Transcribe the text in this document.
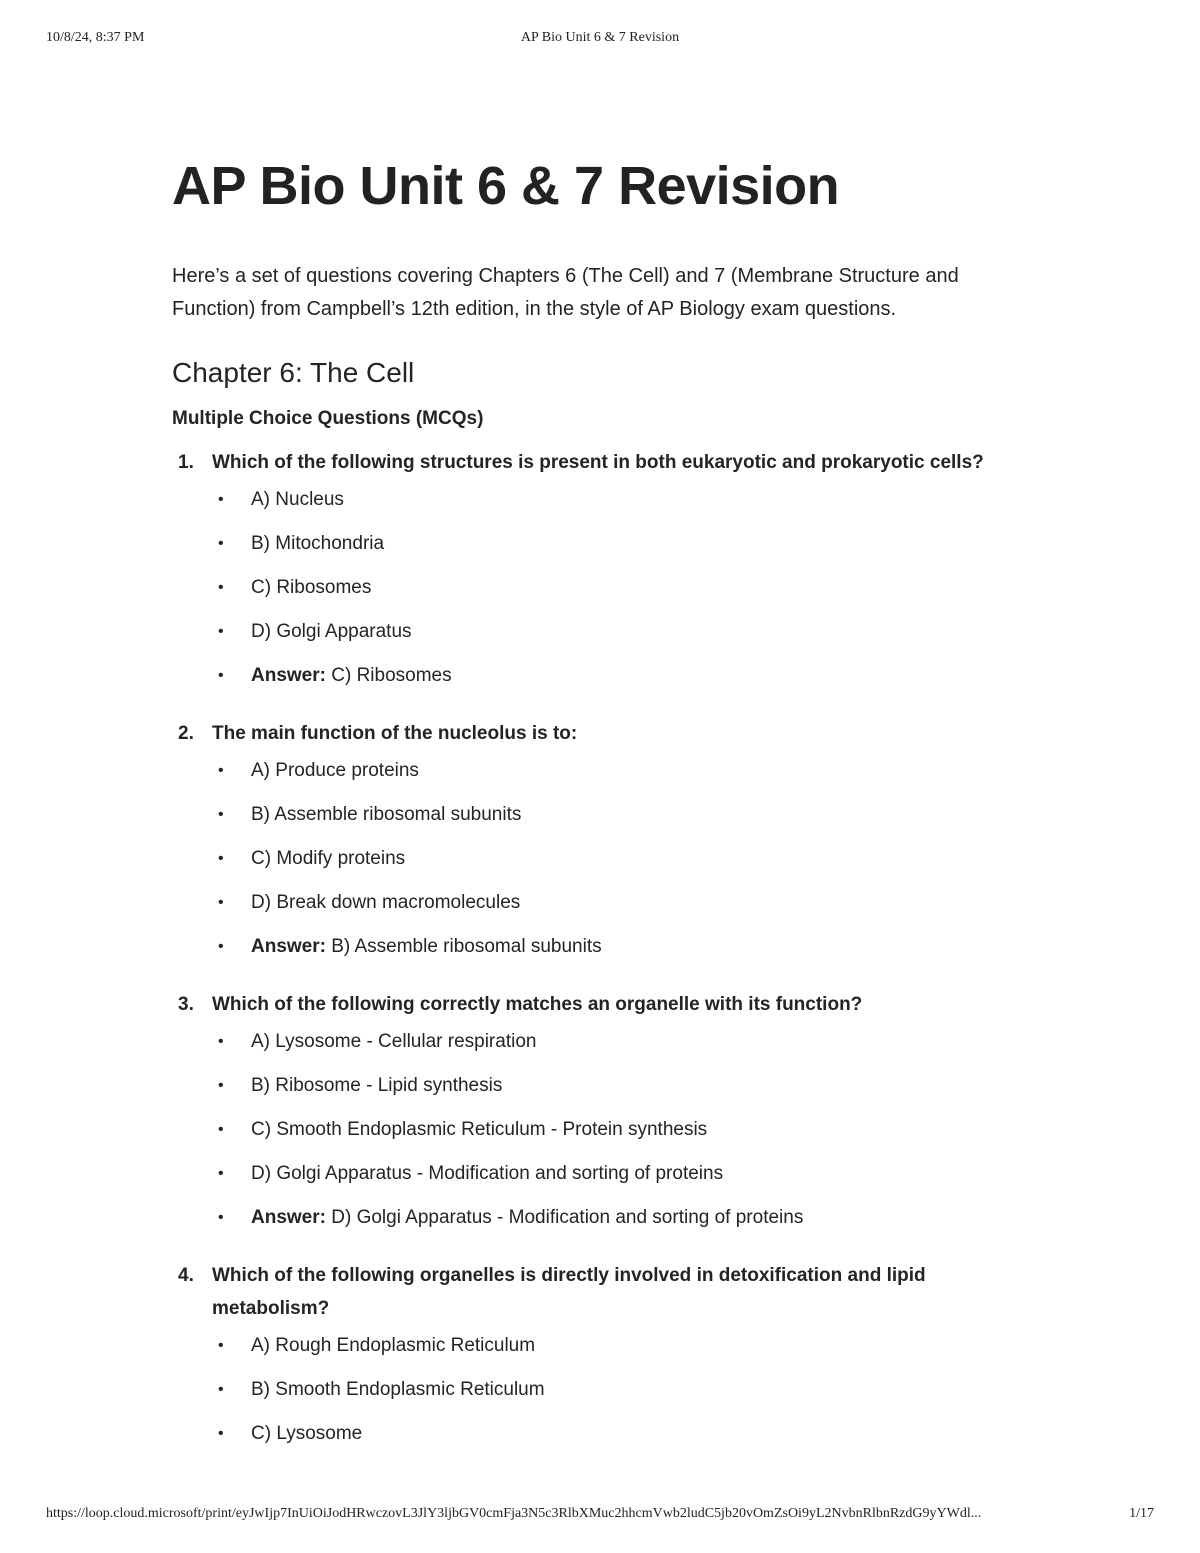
10/8/24, 8:37 PM	AP Bio Unit 6 & 7 Revision
AP Bio Unit 6 & 7 Revision

Here’s a set of questions covering Chapters 6 (The Cell) and 7 (Membrane Structure and Function) from Campbell’s 12th edition, in the style of AP Biology exam questions.

Chapter 6: The Cell

Multiple Choice Questions (MCQs)

1. Which of the following structures is present in both eukaryotic and prokaryotic cells?

• A) Nucleus
• B) Mitochondria
• C) Ribosomes
• D) Golgi Apparatus
• Answer: C) Ribosomes
2. The main function of the nucleolus is to:

• A) Produce proteins
• B) Assemble ribosomal subunits
• C) Modify proteins
• D) Break down macromolecules
• Answer: B) Assemble ribosomal subunits
3. Which of the following correctly matches an organelle with its function?

• A) Lysosome - Cellular respiration
• B) Ribosome - Lipid synthesis
• C) Smooth Endoplasmic Reticulum - Protein synthesis
• D) Golgi Apparatus - Modification and sorting of proteins
• Answer: D) Golgi Apparatus - Modification and sorting of proteins
4. Which of the following organelles is directly involved in detoxification and lipid metabolism?

• A) Rough Endoplasmic Reticulum
• B) Smooth Endoplasmic Reticulum
• C) Lysosome
https://loop.cloud.microsoft/print/eyJwIjp7InUiOiJodHRwczovL3JlY3ljbGV0cmFja3N5c3RlbXMuc2hhcmVwb2ludC5jb20vOmZsOi9yL2NvbnRlbnRzdG9yYWdl...	1/17
